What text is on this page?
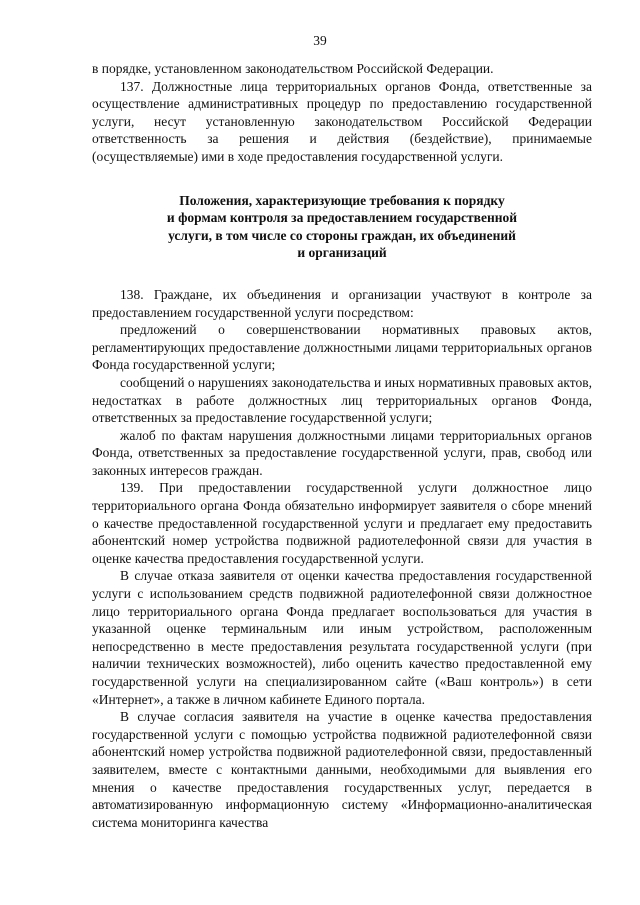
39

в порядке, установленном законодательством Российской Федерации.

137. Должностные лица территориальных органов Фонда, ответственные за осуществление административных процедур по предоставлению государственной услуги, несут установленную законодательством Российской Федерации ответственность за решения и действия (бездействие), принимаемые (осуществляемые) ими в ходе предоставления государственной услуги.

Положения, характеризующие требования к порядку
и формам контроля за предоставлением государственной
услуги, в том числе со стороны граждан, их объединений
и организаций

138. Граждане, их объединения и организации участвуют в контроле за предоставлением государственной услуги посредством:

предложений о совершенствовании нормативных правовых актов, регламентирующих предоставление должностными лицами территориальных органов Фонда государственной услуги;

сообщений о нарушениях законодательства и иных нормативных правовых актов, недостатках в работе должностных лиц территориальных органов Фонда, ответственных за предоставление государственной услуги;

жалоб по фактам нарушения должностными лицами территориальных органов Фонда, ответственных за предоставление государственной услуги, прав, свобод или законных интересов граждан.

139. При предоставлении государственной услуги должностное лицо территориального органа Фонда обязательно информирует заявителя о сборе мнений о качестве предоставленной государственной услуги и предлагает ему предоставить абонентский номер устройства подвижной радиотелефонной связи для участия в оценке качества предоставления государственной услуги.

В случае отказа заявителя от оценки качества предоставления государственной услуги с использованием средств подвижной радиотелефонной связи должностное лицо территориального органа Фонда предлагает воспользоваться для участия в указанной оценке терминальным или иным устройством, расположенным непосредственно в месте предоставления результата государственной услуги (при наличии технических возможностей), либо оценить качество предоставленной ему государственной услуги на специализированном сайте («Ваш контроль») в сети «Интернет», а также в личном кабинете Единого портала.

В случае согласия заявителя на участие в оценке качества предоставления государственной услуги с помощью устройства подвижной радиотелефонной связи абонентский номер устройства подвижной радиотелефонной связи, предоставленный заявителем, вместе с контактными данными, необходимыми для выявления его мнения о качестве предоставления государственных услуг, передается в автоматизированную информационную систему «Информационно-аналитическая система мониторинга качества
